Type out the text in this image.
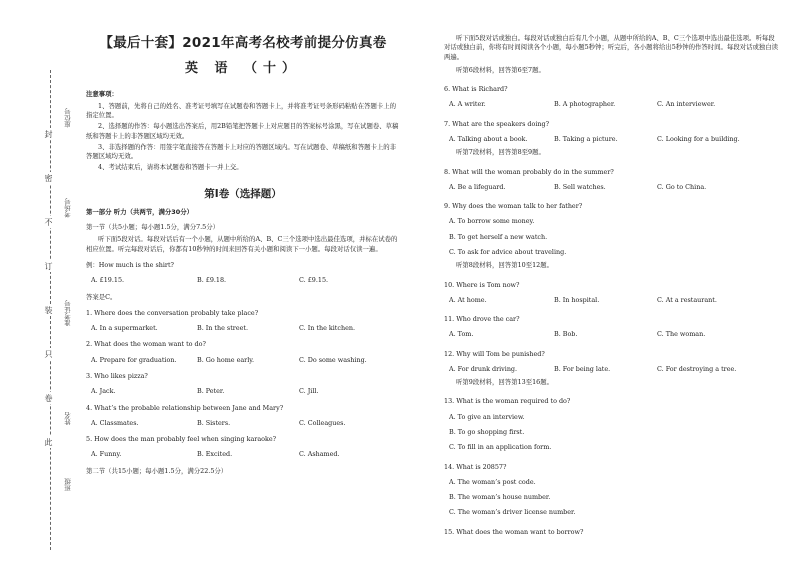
封
密
不
订
装
只
卷
此
座位号
考场号
准考证号
姓名
班级
【最后十套】2021年高考名校考前提分仿真卷
英 语 （十）
注意事项：
1、答题前，先将自己的姓名、准考证号填写在试题卷和答题卡上，并将准考证号条形码粘贴在答题卡上的指定位置。
2、选择题的作答：每小题选出答案后，用2B铅笔把答题卡上对应题目的答案标号涂黑，写在试题卷、草稿纸和答题卡上的非答题区域均无效。
3、非选择题的作答：用签字笔直接答在答题卡上对应的答题区域内。写在试题卷、草稿纸和答题卡上的非答题区域均无效。
4、考试结束后，请将本试题卷和答题卡一并上交。
第Ⅰ卷（选择题）
第一部分 听力（共两节，满分30分）
第一节（共5小题；每小题1.5分，满分7.5分）
听下面5段对话。每段对话后有一个小题，从题中所给的A、B、C三个选项中选出最佳选项，并标在试卷的相应位置。听完每段对话后，你都有10秒钟的时间来回答有关小题和阅读下一小题。每段对话仅读一遍。
例：How much is the shirt?
A. £19.15.	B. £9.18.	C. £9.15.
答案是C。
1. Where does the conversation probably take place?
A. In a supermarket.	B. In the street.	C. In the kitchen.
2. What does the woman want to do?
A. Prepare for graduation.	B. Go home early.	C. Do some washing.
3. Who likes pizza?
A. Jack.	B. Peter.	C. Jill.
4. What’s the probable relationship between Jane and Mary?
A. Classmates.	B. Sisters.	C. Colleagues.
5. How does the man probably feel when singing karaoke?
A. Funny.	B. Excited.	C. Ashamed.
第二节（共15小题；每小题1.5分，满分22.5分）
听下面5段对话或独白。每段对话或独白后有几个小题，从题中所给的A、B、C三个选项中选出最佳选项。听每段对话或独白前，你将有时间阅读各个小题，每小题5秒钟；听完后，各小题将给出5秒钟的作答时间。每段对话或独白读两遍。
听第6段材料，回答第6至7题。
6. What is Richard?
A. A writer.	B. A photographer.	C. An interviewer.
7. What are the speakers doing?
A. Talking about a book.	B. Taking a picture.	C. Looking for a building.
听第7段材料，回答第8至9题。
8. What will the woman probably do in the summer?
A. Be a lifeguard.	B. Sell watches.	C. Go to China.
9. Why does the woman talk to her father?
A. To borrow some money.
B. To get herself a new watch.
C. To ask for advice about traveling.
听第8段材料，回答第10至12题。
10. Where is Tom now?
A. At home.	B. In hospital.	C. At a restaurant.
11. Who drove the car?
A. Tom.	B. Bob.	C. The woman.
12. Why will Tom be punished?
A. For drunk driving.	B. For being late.	C. For destroying a tree.
听第9段材料，回答第13至16题。
13. What is the woman required to do?
A. To give an interview.
B. To go shopping first.
C. To fill in an application form.
14. What is 20857?
A. The woman’s post code.
B. The woman’s house number.
C. The woman’s driver license number.
15. What does the woman want to borrow?
